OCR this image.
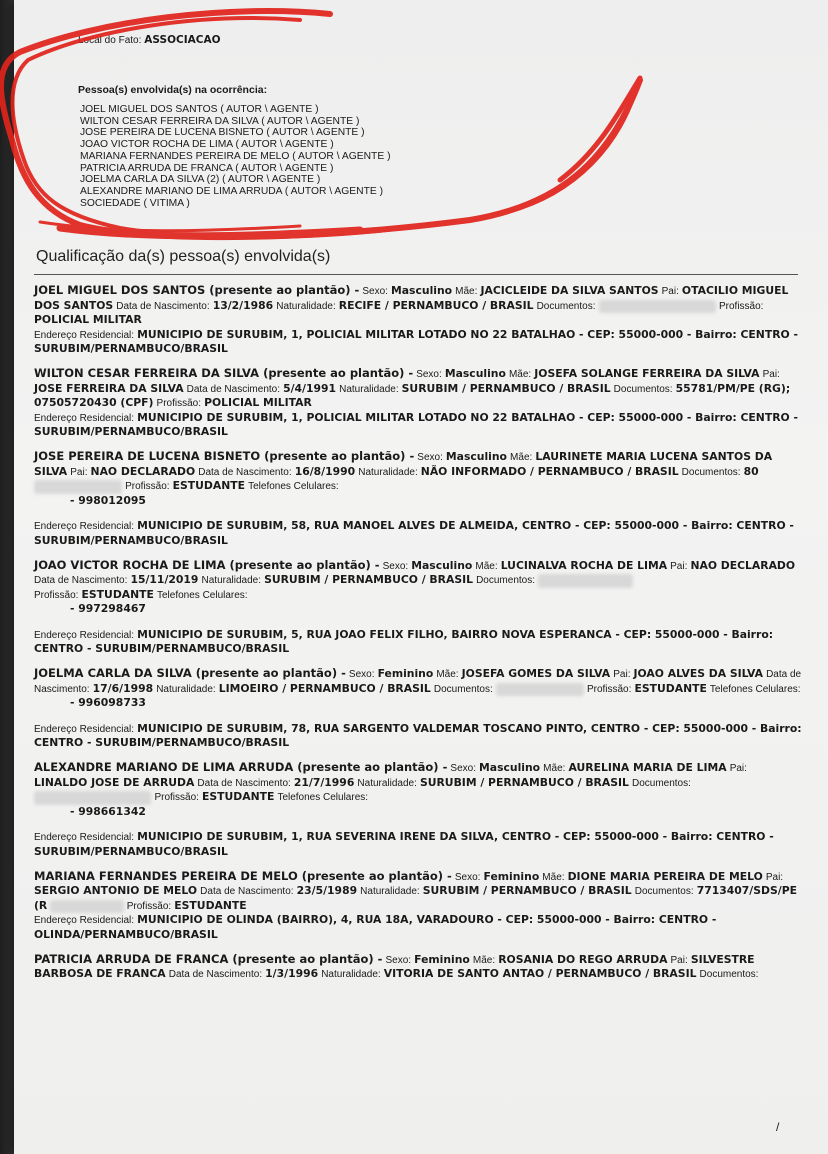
Local do Fato: ASSOCIACAO
Pessoa(s) envolvida(s) na ocorrência:
JOEL MIGUEL DOS SANTOS ( AUTOR \ AGENTE )
WILTON CESAR FERREIRA DA SILVA ( AUTOR \ AGENTE )
JOSE PEREIRA DE LUCENA BISNETO ( AUTOR \ AGENTE )
JOAO VICTOR ROCHA DE LIMA ( AUTOR \ AGENTE )
MARIANA FERNANDES PEREIRA DE MELO ( AUTOR \ AGENTE )
PATRICIA ARRUDA DE FRANCA ( AUTOR \ AGENTE )
JOELMA CARLA DA SILVA (2) ( AUTOR \ AGENTE )
ALEXANDRE MARIANO DE LIMA ARRUDA ( AUTOR \ AGENTE )
SOCIEDADE ( VITIMA )
Qualificação da(s) pessoa(s) envolvida(s)
JOEL MIGUEL DOS SANTOS (presente ao plantão) - Sexo: Masculino Mãe: JACICLEIDE DA SILVA SANTOS Pai: OTACILIO MIGUEL DOS SANTOS Data de Nascimento: 13/2/1986 Naturalidade: RECIFE / PERNAMBUCO / BRASIL Documentos:	Profissão: POLICIAL MILITAR
Endereço Residencial: MUNICIPIO DE SURUBIM, 1, POLICIAL MILITAR LOTADO NO 22 BATALHAO - CEP: 55000-000 - Bairro: CENTRO - SURUBIM/PERNAMBUCO/BRASIL
WILTON CESAR FERREIRA DA SILVA (presente ao plantão) - Sexo: Masculino Mãe: JOSEFA SOLANGE FERREIRA DA SILVA Pai: JOSE FERREIRA DA SILVA Data de Nascimento: 5/4/1991 Naturalidade: SURUBIM / PERNAMBUCO / BRASIL Documentos: 55781/PM/PE (RG); 07505720430 (CPF) Profissão: POLICIAL MILITAR
Endereço Residencial: MUNICIPIO DE SURUBIM, 1, POLICIAL MILITAR LOTADO NO 22 BATALHAO - CEP: 55000-000 - Bairro: CENTRO - SURUBIM/PERNAMBUCO/BRASIL
JOSE PEREIRA DE LUCENA BISNETO (presente ao plantão) - Sexo: Masculino Mãe: LAURINETE MARIA LUCENA SANTOS DA SILVA Pai: NAO DECLARADO Data de Nascimento: 16/8/1990 Naturalidade: NÃO INFORMADO / PERNAMBUCO / BRASIL Documentos: 80  Profissão: ESTUDANTE Telefones Celulares:
- 998012095
Endereço Residencial: MUNICIPIO DE SURUBIM, 58, RUA MANOEL ALVES DE ALMEIDA, CENTRO - CEP: 55000-000 - Bairro: CENTRO - SURUBIM/PERNAMBUCO/BRASIL
JOAO VICTOR ROCHA DE LIMA (presente ao plantão) - Sexo: Masculino Mãe: LUCINALVA ROCHA DE LIMA Pai: NAO DECLARADO Data de Nascimento: 15/11/2019 Naturalidade: SURUBIM / PERNAMBUCO / BRASIL Documentos:
Profissão: ESTUDANTE Telefones Celulares:
- 997298467
Endereço Residencial: MUNICIPIO DE SURUBIM, 5, RUA JOAO FELIX FILHO, BAIRRO NOVA ESPERANCA - CEP: 55000-000 - Bairro: CENTRO - SURUBIM/PERNAMBUCO/BRASIL
JOELMA CARLA DA SILVA (presente ao plantão) - Sexo: Feminino Mãe: JOSEFA GOMES DA SILVA Pai: JOAO ALVES DA SILVA Data de Nascimento: 17/6/1998 Naturalidade: LIMOEIRO / PERNAMBUCO / BRASIL Documentos:	Profissão: ESTUDANTE Telefones Celulares:
- 996098733
Endereço Residencial: MUNICIPIO DE SURUBIM, 78, RUA SARGENTO VALDEMAR TOSCANO PINTO, CENTRO - CEP: 55000-000 - Bairro: CENTRO - SURUBIM/PERNAMBUCO/BRASIL
ALEXANDRE MARIANO DE LIMA ARRUDA (presente ao plantão) - Sexo: Masculino Mãe: AURELINA MARIA DE LIMA Pai: LINALDO JOSE DE ARRUDA Data de Nascimento: 21/7/1996 Naturalidade: SURUBIM / PERNAMBUCO / BRASIL Documentos:
Profissão: ESTUDANTE Telefones Celulares:
- 998661342
Endereço Residencial: MUNICIPIO DE SURUBIM, 1, RUA SEVERINA IRENE DA SILVA, CENTRO - CEP: 55000-000 - Bairro: CENTRO - SURUBIM/PERNAMBUCO/BRASIL
MARIANA FERNANDES PEREIRA DE MELO (presente ao plantão) - Sexo: Feminino Mãe: DIONE MARIA PEREIRA DE MELO Pai: SERGIO ANTONIO DE MELO Data de Nascimento: 23/5/1989 Naturalidade: SURUBIM / PERNAMBUCO / BRASIL Documentos: 7713407/SDS/PE (R	Profissão: ESTUDANTE
Endereço Residencial: MUNICIPIO DE OLINDA (BAIRRO), 4, RUA 18A, VARADOURO - CEP: 55000-000 - Bairro: CENTRO - OLINDA/PERNAMBUCO/BRASIL
PATRICIA ARRUDA DE FRANCA (presente ao plantão) - Sexo: Feminino Mãe: ROSANIA DO REGO ARRUDA Pai: SILVESTRE BARBOSA DE FRANCA Data de Nascimento: 1/3/1996 Naturalidade: VITORIA DE SANTO ANTAO / PERNAMBUCO / BRASIL Documentos:
/
